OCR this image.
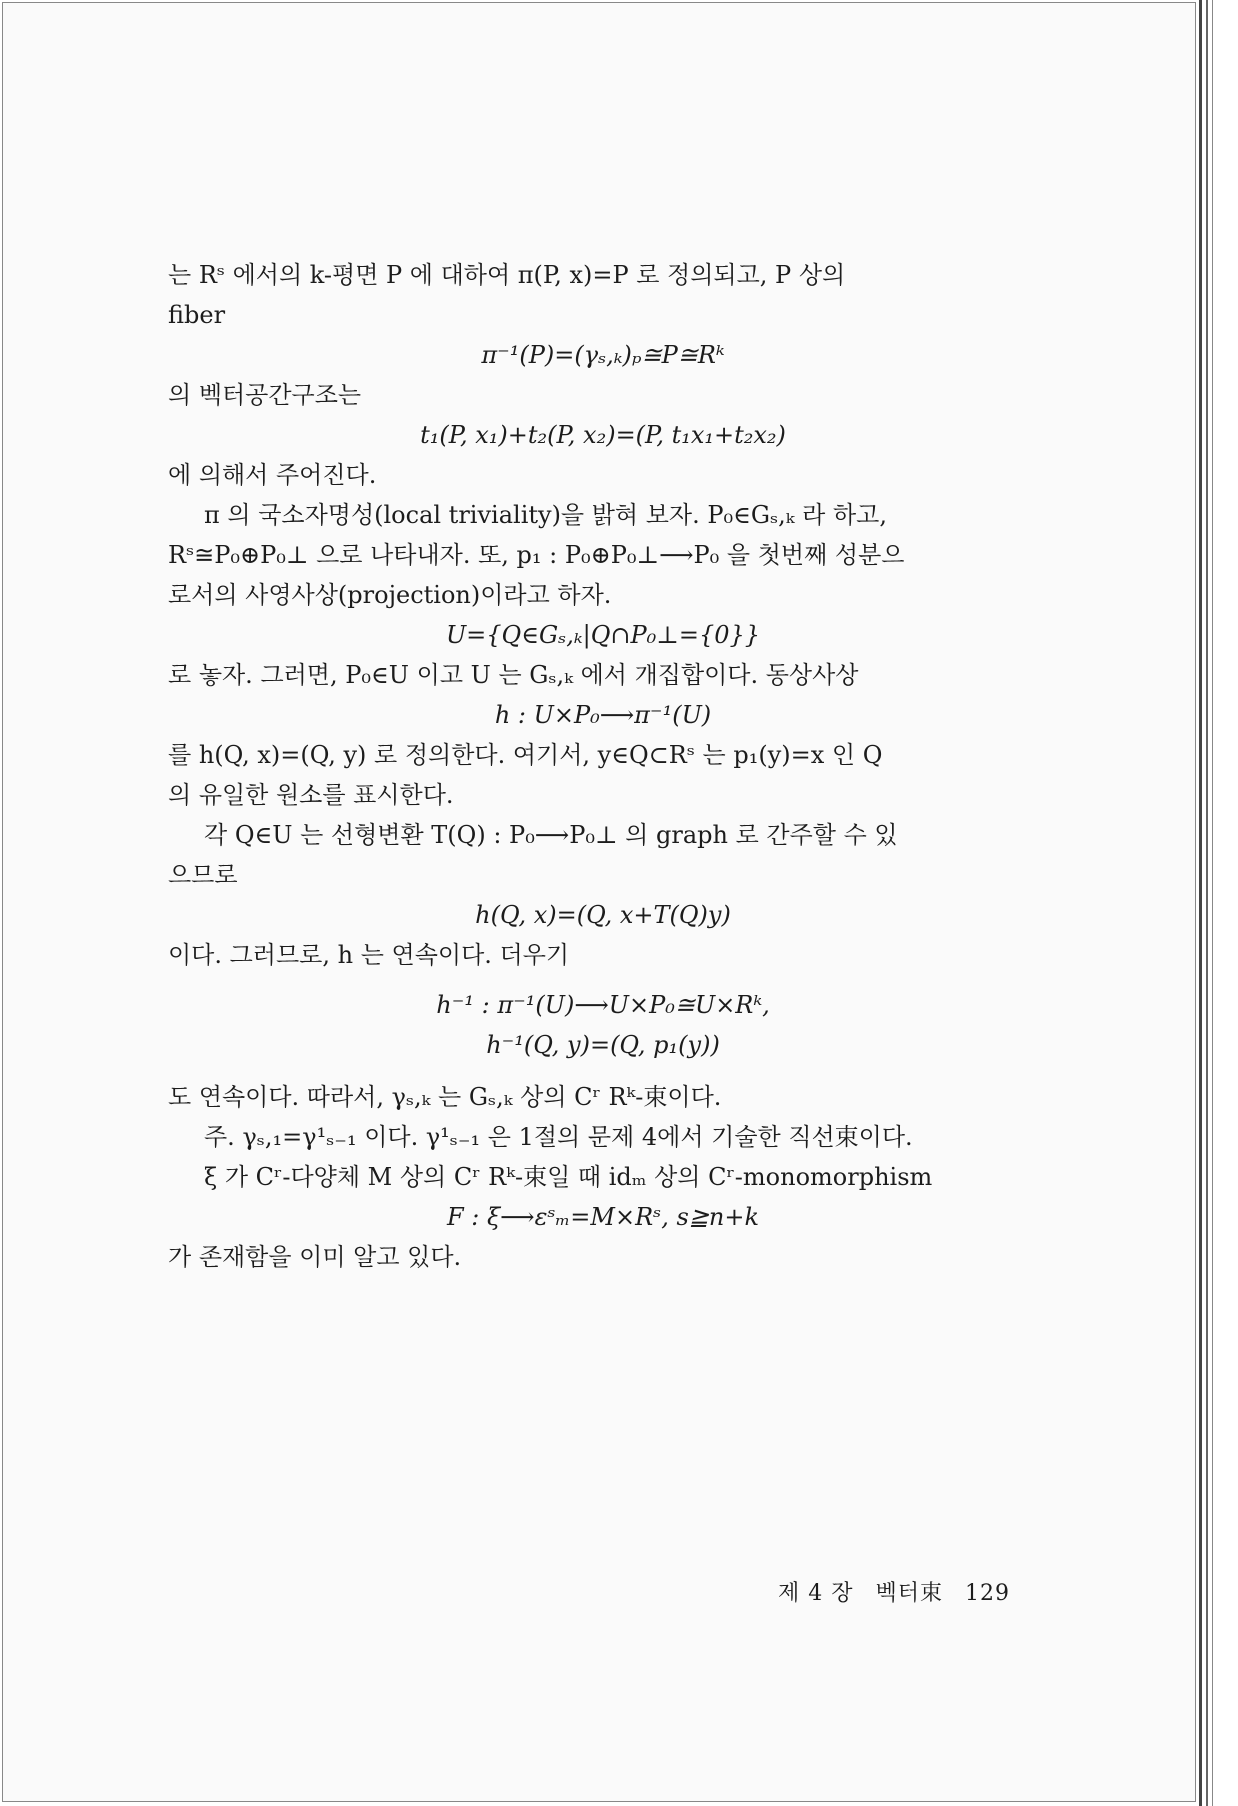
는 Rˢ 에서의 k-평면 P 에 대하여 π(P, x)=P 로 정의되고, P 상의

fiber

π⁻¹(P)=(γₛ,ₖ)ₚ≅P≅Rᵏ

의 벡터공간구조는

t₁(P, x₁)+t₂(P, x₂)=(P, t₁x₁+t₂x₂)

에 의해서 주어진다.

π 의 국소자명성(local triviality)을 밝혀 보자. P₀∈Gₛ,ₖ 라 하고,

Rˢ≅P₀⊕P₀⊥ 으로 나타내자. 또, p₁ : P₀⊕P₀⊥⟶P₀ 을 첫번째 성분으

로서의 사영사상(projection)이라고 하자.

U={Q∈Gₛ,ₖ|Q∩P₀⊥={0}}

로 놓자. 그러면, P₀∈U 이고 U 는 Gₛ,ₖ 에서 개집합이다. 동상사상

h : U×P₀⟶π⁻¹(U)

를 h(Q, x)=(Q, y) 로 정의한다. 여기서, y∈Q⊂Rˢ 는 p₁(y)=x 인 Q

의 유일한 원소를 표시한다.

각 Q∈U 는 선형변환 T(Q) : P₀⟶P₀⊥ 의 graph 로 간주할 수 있

으므로

h(Q, x)=(Q, x+T(Q)y)

이다. 그러므로, h 는 연속이다. 더우기

h⁻¹ : π⁻¹(U)⟶U×P₀≅U×Rᵏ,
h⁻¹(Q, y)=(Q, p₁(y))

도 연속이다. 따라서, γₛ,ₖ 는 Gₛ,ₖ 상의 Cʳ Rᵏ-束이다.

주. γₛ,₁=γ¹ₛ₋₁ 이다. γ¹ₛ₋₁ 은 1절의 문제 4에서 기술한 직선束이다.

ξ 가 Cʳ-다양체 M 상의 Cʳ Rᵏ-束일 때 idₘ 상의 Cʳ-monomorphism

F : ξ⟶εˢₘ=M×Rˢ, s≧n+k

가 존재함을 이미 알고 있다.

제 4 장 벡터束 129
